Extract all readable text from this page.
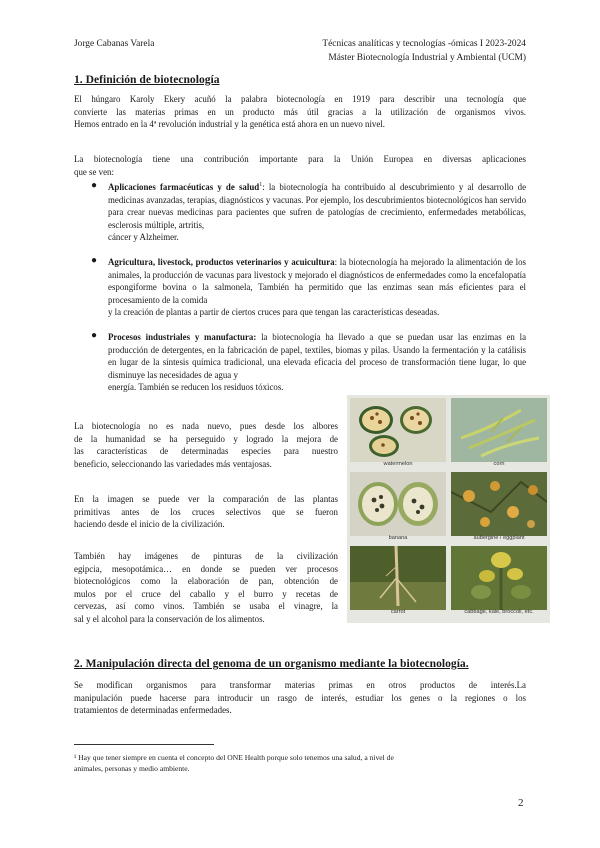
Jorge Cabanas Varela	Técnicas analíticas y tecnologías -ómicas I 2023-2024
Máster Biotecnología Industrial y Ambiental (UCM)
1. Definición de biotecnología
El húngaro Karoly Ekery acuñó la palabra biotecnología en 1919 para describir una tecnología que
convierte las materias primas en un producto más útil gracias a la utilización de organismos vivos.
Hemos entrado en la 4ª revolución industrial y la genética está ahora en un nuevo nivel.
La biotecnología tiene una contribución importante para la Unión Europea en diversas aplicaciones
que se ven:
● Aplicaciones farmacéuticas y de salud$^1$: la biotecnología ha contribuido al descubrimiento y al desarrollo de medicinas avanzadas, terapias, diagnósticos y vacunas. Por ejemplo, los descubrimientos biotecnológicos han servido para crear nuevas medicinas para pacientes que sufren de patologías de crecimiento, enfermedades metabólicas, esclerosis múltiple, artritis,
cáncer y Alzheimer.
● Agricultura, livestock, productos veterinarios y acuicultura: la biotecnología ha mejorado la alimentación de los animales, la producción de vacunas para livestock y mejorado el diagnósticos de enfermedades como la encefalopatía espongiforme bovina o la salmonela, También ha permitido que las enzimas sean más eficientes para el procesamiento de la comida
y la creación de plantas a partir de ciertos cruces para que tengan las características deseadas.
● Procesos industriales y manufactura: la biotecnología ha llevado a que se puedan usar las enzimas en la producción de detergentes, en la fabricación de papel, textiles, biomas y pilas. Usando la fermentación y la catálisis en lugar de la síntesis química tradicional, una elevada eficacia del proceso de transformación tiene lugar, lo que disminuye las necesidades de agua y
energía. También se reducen los residuos tóxicos.
La biotecnología no es nada nuevo, pues desde los albores
de la humanidad se ha perseguido y logrado la mejora de
las características de determinadas especies para nuestro
beneficio, seleccionando las variedades más ventajosas.
En la imagen se puede ver la comparación de las plantas
primitivas antes de los cruces selectivos que se fueron
haciendo desde el inicio de la civilización.
También hay imágenes de pinturas de la civilización
egipcia, mesopotámica… en donde se pueden ver procesos
biotecnológicos como la elaboración de pan, obtención de
mulos por el cruce del caballo y el burro y recetas de
cervezas, así como vinos. También se usaba el vinagre, la
sal y el alcohol para la conservación de los alimentos.
watermelon	corn
banana	aubergine / eggplant
carrot	cabbage, kale, broccoli, etc.
2. Manipulación directa del genoma de un organismo mediante la biotecnología.
Se modifican organismos para transformar materias primas en otros productos de interés.La
manipulación puede hacerse para introducir un rasgo de interés, estudiar los genes o la regiones o los
tratamientos de determinadas enfermedades.
¹ Hay que tener siempre en cuenta el concepto del ONE Health porque solo tenemos una salud, a nivel de
animales, personas y medio ambiente.
2
